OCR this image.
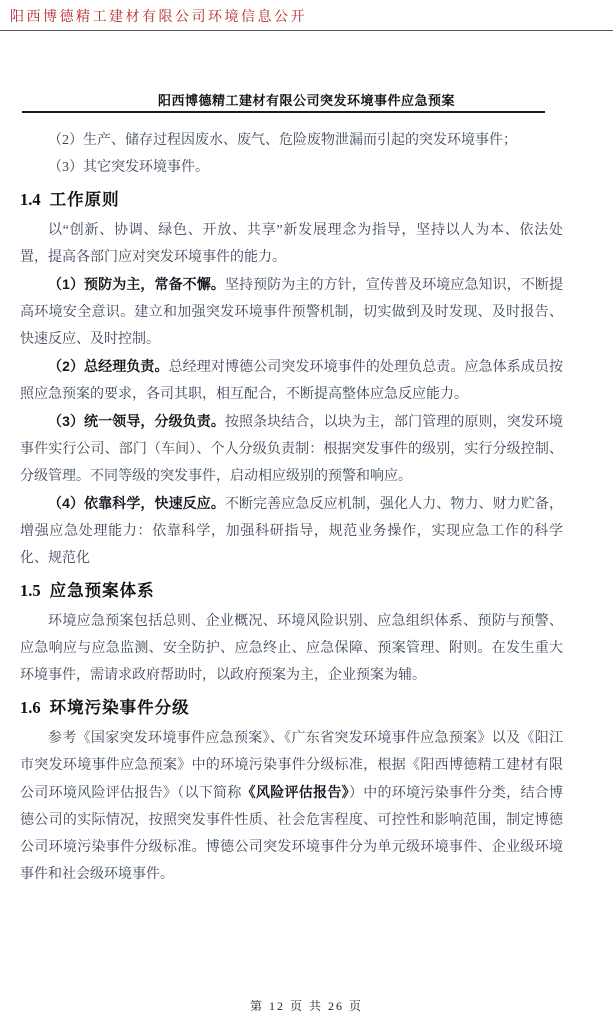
阳西博德精工建材有限公司环境信息公开
阳西博德精工建材有限公司突发环境事件应急预案

（2）生产、储存过程因废水、废气、危险废物泄漏而引起的突发环境事件；

（3）其它突发环境事件。

1.4 工作原则

以“创新、协调、绿色、开放、共享”新发展理念为指导，坚持以人为本、依法处置，提高各部门应对突发环境事件的能力。

（1）预防为主，常备不懈。坚持预防为主的方针，宣传普及环境应急知识，不断提高环境安全意识。建立和加强突发环境事件预警机制，切实做到及时发现、及时报告、快速反应、及时控制。

（2）总经理负责。总经理对博德公司突发环境事件的处理负总责。应急体系成员按照应急预案的要求，各司其职，相互配合，不断提高整体应急反应能力。

（3）统一领导，分级负责。按照条块结合，以块为主，部门管理的原则，突发环境事件实行公司、部门（车间）、个人分级负责制：根据突发事件的级别，实行分级控制、分级管理。不同等级的突发事件，启动相应级别的预警和响应。

（4）依靠科学，快速反应。不断完善应急反应机制，强化人力、物力、财力贮备，增强应急处理能力：依靠科学，加强科研指导，规范业务操作，实现应急工作的科学化、规范化

1.5 应急预案体系

环境应急预案包括总则、企业概况、环境风险识别、应急组织体系、预防与预警、应急响应与应急监测、安全防护、应急终止、应急保障、预案管理、附则。在发生重大环境事件，需请求政府帮助时，以政府预案为主，企业预案为辅。

1.6 环境污染事件分级

参考《国家突发环境事件应急预案》、《广东省突发环境事件应急预案》以及《阳江市突发环境事件应急预案》中的环境污染事件分级标准，根据《阳西博德精工建材有限公司环境风险评估报告》（以下简称《风险评估报告》）中的环境污染事件分类，结合博德公司的实际情况，按照突发事件性质、社会危害程度、可控性和影响范围，制定博德公司环境污染事件分级标准。博德公司突发环境事件分为单元级环境事件、企业级环境事件和社会级环境事件。

第 12 页 共 26 页
